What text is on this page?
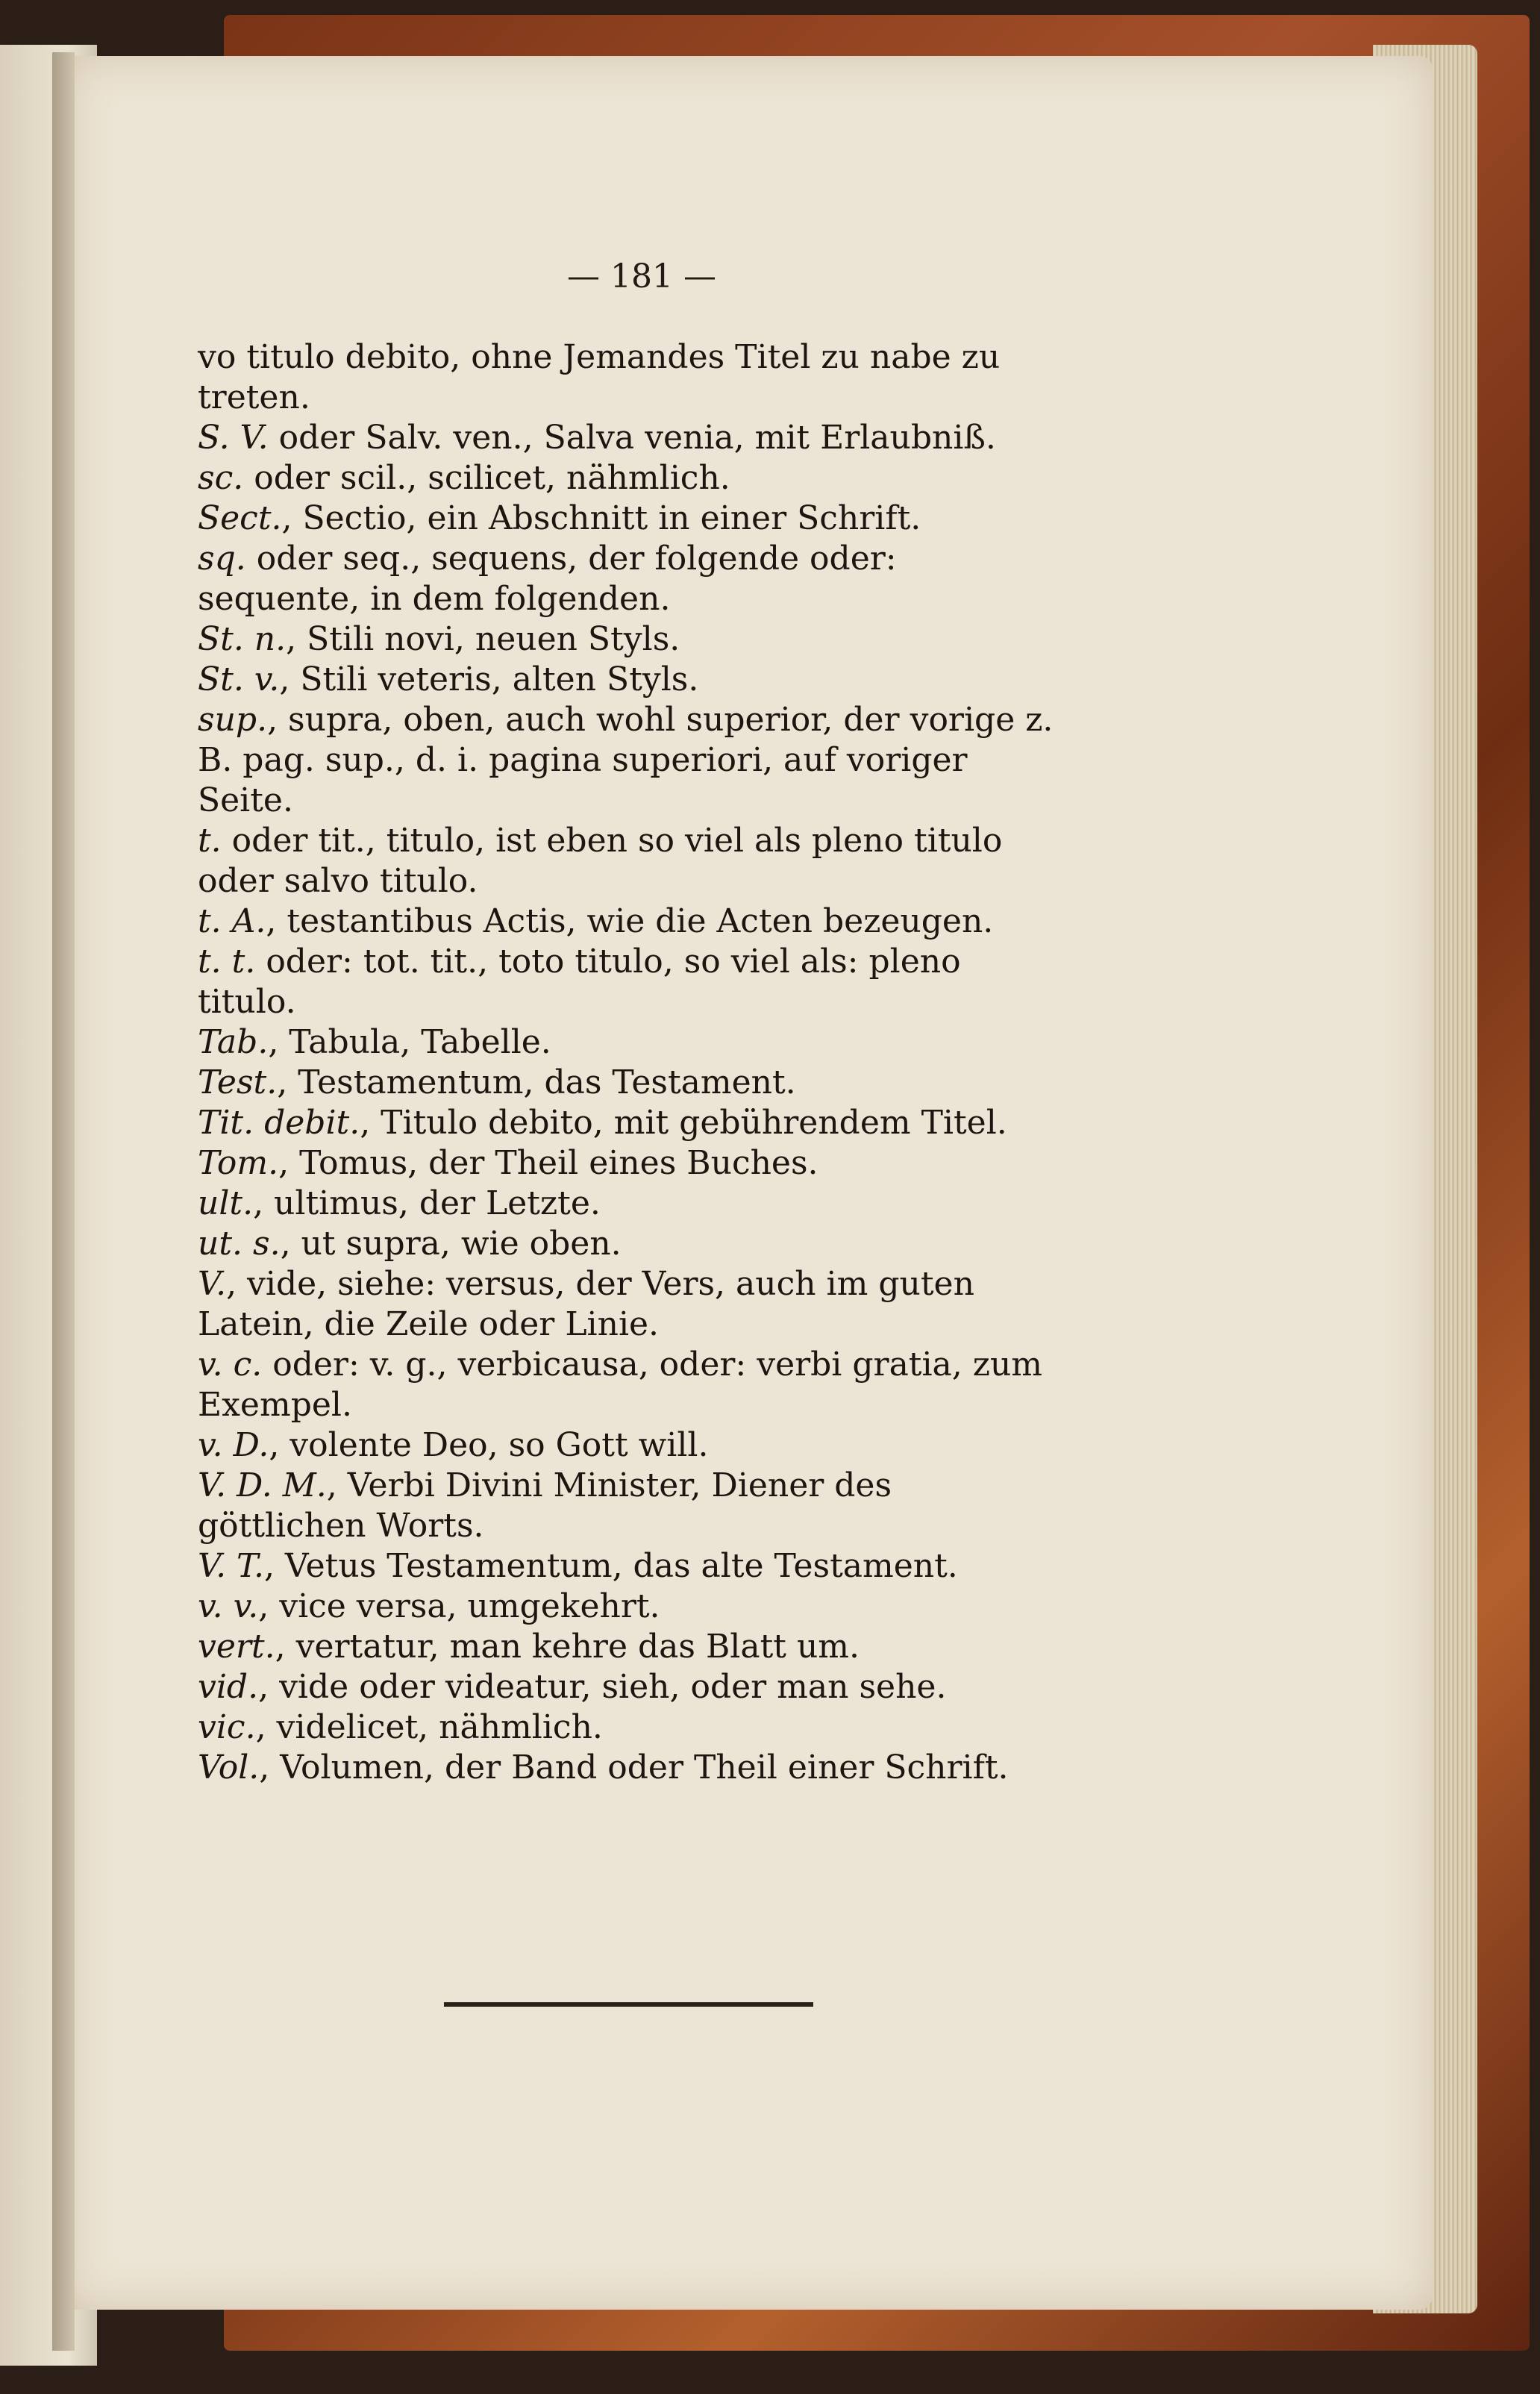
— 181 —

vo titulo debito, ohne Jemandes Titel zu nabe zu treten.

S. V. oder Salv. ven., Salva venia, mit Erlaubniß.

sc. oder scil., scilicet, nähmlich.

Sect., Sectio, ein Abschnitt in einer Schrift.

sq. oder seq., sequens, der folgende oder: sequente, in dem folgenden.

St. n., Stili novi, neuen Styls.

St. v., Stili veteris, alten Styls.

sup., supra, oben, auch wohl superior, der vorige z. B. pag. sup., d. i. pagina superiori, auf voriger Seite.

t. oder tit., titulo, ist eben so viel als pleno titulo oder salvo titulo.

t. A., testantibus Actis, wie die Acten bezeugen.

t. t. oder: tot. tit., toto titulo, so viel als: pleno titulo.

Tab., Tabula, Tabelle.

Test., Testamentum, das Testament.

Tit. debit., Titulo debito, mit gebührendem Titel.

Tom., Tomus, der Theil eines Buches.

ult., ultimus, der Letzte.

ut. s., ut supra, wie oben.

V., vide, siehe: versus, der Vers, auch im guten Latein, die Zeile oder Linie.

v. c. oder: v. g., verbicausa, oder: verbi gratia, zum Exempel.

v. D., volente Deo, so Gott will.

V. D. M., Verbi Divini Minister, Diener des göttlichen Worts.

V. T., Vetus Testamentum, das alte Testament.

v. v., vice versa, umgekehrt.

vert., vertatur, man kehre das Blatt um.

vid., vide oder videatur, sieh, oder man sehe.

vic., videlicet, nähmlich.

Vol., Volumen, der Band oder Theil einer Schrift.
